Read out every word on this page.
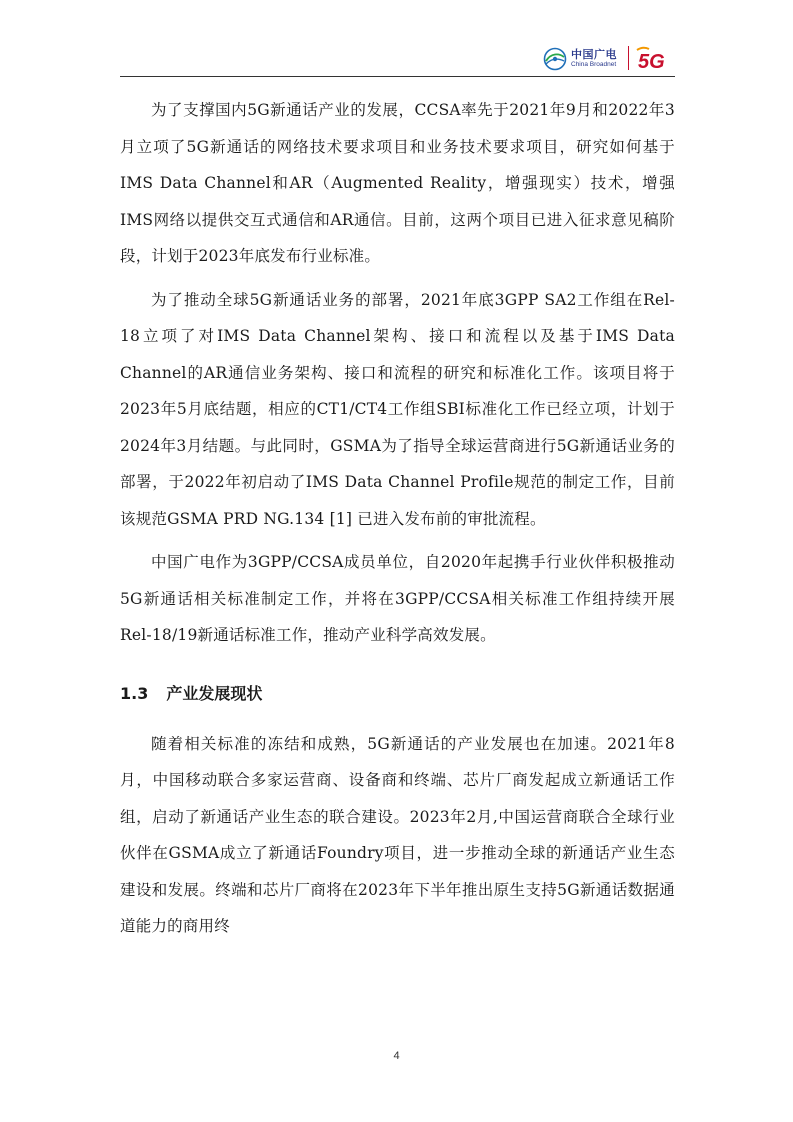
中国广电
China Broadnet 5G

为了支撑国内5G新通话产业的发展，CCSA率先于2021年9月和2022年3月立项了5G新通话的网络技术要求项目和业务技术要求项目，研究如何基于IMS Data Channel和AR（Augmented Reality，增强现实）技术，增强IMS网络以提供交互式通信和AR通信。目前，这两个项目已进入征求意见稿阶段，计划于2023年底发布行业标准。

为了推动全球5G新通话业务的部署，2021年底3GPP SA2工作组在Rel-18立项了对IMS Data Channel架构、接口和流程以及基于IMS Data Channel的AR通信业务架构、接口和流程的研究和标准化工作。该项目将于2023年5月底结题，相应的CT1/CT4工作组SBI标准化工作已经立项，计划于2024年3月结题。与此同时，GSMA为了指导全球运营商进行5G新通话业务的部署，于2022年初启动了IMS Data Channel Profile规范的制定工作，目前该规范GSMA PRD NG.134 [1] 已进入发布前的审批流程。

中国广电作为3GPP/CCSA成员单位，自2020年起携手行业伙伴积极推动5G新通话相关标准制定工作，并将在3GPP/CCSA相关标准工作组持续开展Rel-18/19新通话标准工作，推动产业科学高效发展。

1.3 产业发展现状

随着相关标准的冻结和成熟，5G新通话的产业发展也在加速。2021年8月，中国移动联合多家运营商、设备商和终端、芯片厂商发起成立新通话工作组，启动了新通话产业生态的联合建设。2023年2月,中国运营商联合全球行业伙伴在GSMA成立了新通话Foundry项目，进一步推动全球的新通话产业生态建设和发展。终端和芯片厂商将在2023年下半年推出原生支持5G新通话数据通道能力的商用终

4
